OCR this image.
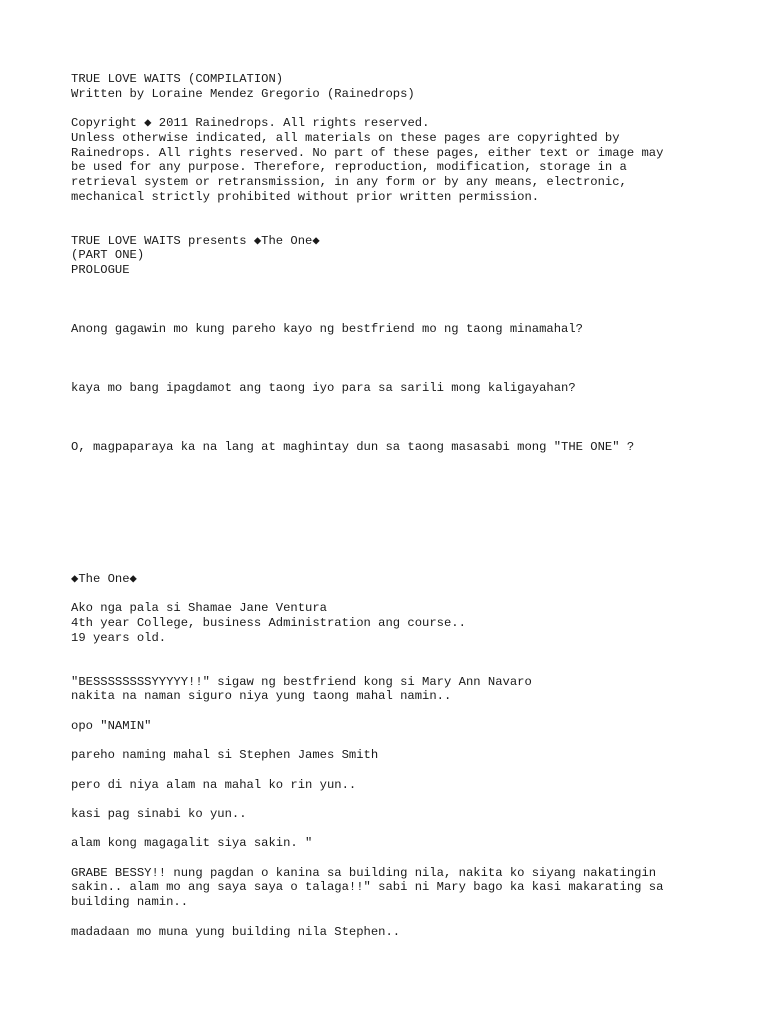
TRUE LOVE WAITS (COMPILATION)
Written by Loraine Mendez Gregorio (Rainedrops)
Copyright ◆ 2011 Rainedrops. All rights reserved.
Unless otherwise indicated, all materials on these pages are copyrighted by
Rainedrops. All rights reserved. No part of these pages, either text or image may
be used for any purpose. Therefore, reproduction, modification, storage in a
retrieval system or retransmission, in any form or by any means, electronic,
mechanical strictly prohibited without prior written permission.
TRUE LOVE WAITS presents ◆The One◆
(PART ONE)
PROLOGUE
Anong gagawin mo kung pareho kayo ng bestfriend mo ng taong minamahal?
kaya mo bang ipagdamot ang taong iyo para sa sarili mong kaligayahan?
O, magpaparaya ka na lang at maghintay dun sa taong masasabi mong "THE ONE" ?
◆The One◆
Ako nga pala si Shamae Jane Ventura
4th year College, business Administration ang course..
19 years old.
"BESSSSSSSSYYYYY!!" sigaw ng bestfriend kong si Mary Ann Navaro
nakita na naman siguro niya yung taong mahal namin..
opo "NAMIN"
pareho naming mahal si Stephen James Smith
pero di niya alam na mahal ko rin yun..
kasi pag sinabi ko yun..
alam kong magagalit siya sakin. "
GRABE BESSY!! nung pagdan o kanina sa building nila, nakita ko siyang nakatingin
sakin.. alam mo ang saya saya o talaga!!" sabi ni Mary bago ka kasi makarating sa
building namin..
madadaan mo muna yung building nila Stephen..
